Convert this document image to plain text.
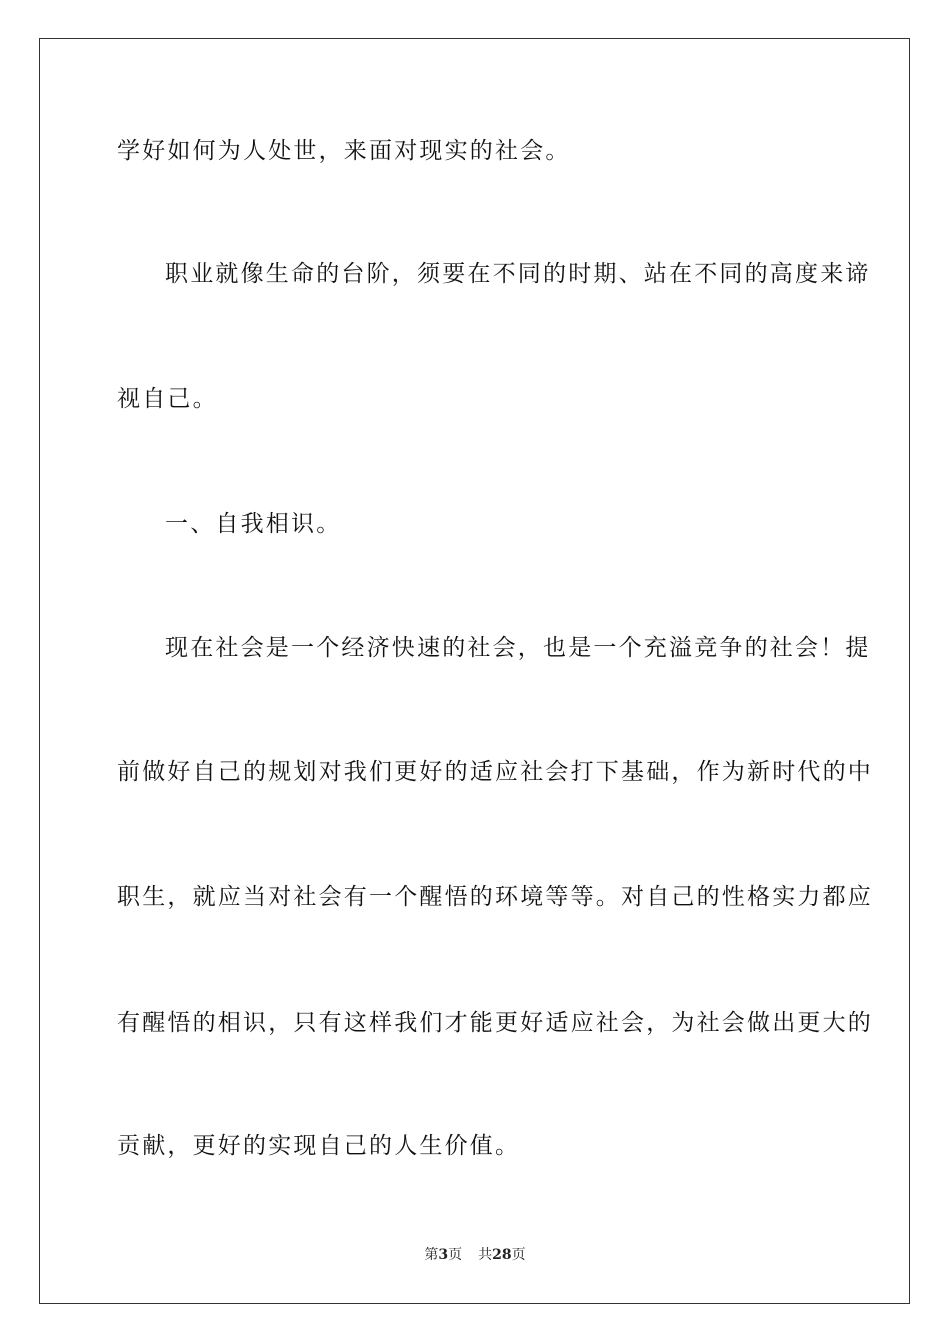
学好如何为人处世，来面对现实的社会。
职业就像生命的台阶，须要在不同的时期、站在不同的高度来谛
视自己。
一、自我相识。
现在社会是一个经济快速的社会，也是一个充溢竞争的社会！提
前做好自己的规划对我们更好的适应社会打下基础，作为新时代的中
职生，就应当对社会有一个醒悟的环境等等。对自己的性格实力都应
有醒悟的相识，只有这样我们才能更好适应社会，为社会做出更大的
贡献，更好的实现自己的人生价值。
第3页 共28页
